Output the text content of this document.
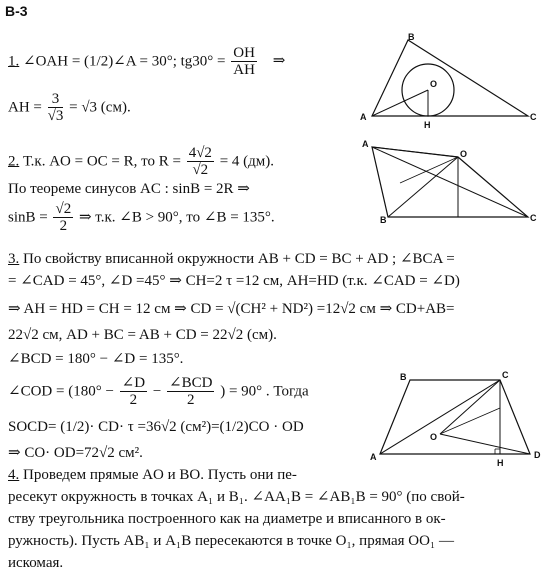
В-3
1. ∠OAH = (1/2)∠A = 30°; $tg30^\circ = \frac{OH}{AH}$ ⇒
AH = $\frac{3}{√3} = √3$ (см).
B
A	C
O
H
2. Т.к. AO = OC = R, то $R = \frac{4√2}{√2} = 4$ (дм).
По теореме синусов AC : sinB = 2R ⇒
$\sin B = \frac{√2}{2}$ ⇒ т.к. ∠B > 90°, то ∠B = 135°.
A
O
B	C
3. По свойству вписанной окружности AB + CD = BC + AD ; ∠BCA =
= ∠CAD = 45°, ∠D =45° ⇒ CH=2 τ =12 см, AH=HD (т.к. ∠CAD = ∠D)
⇒ AH = HD = CH = 12 см ⇒ CD = √(CH² + ND²) =12√2 см ⇒ CD+AB=
22√2 см, AD + BC = AB + CD = 22√2 (см).
∠BCD = 180° − ∠D = 135°.
∠COD = ($180^\circ - \frac{\angle D}{2} - \frac{\text{∠BCD}}{2}$ ) = 90° . Тогда
SOCD= (1/2)· CD· τ =36√2 (см²)=(1/2)CO · OD
⇒ CO· OD=72√2 см².
B	C
A
O
H
D
4. Проведем прямые AO и BO. Пусть они пе-
ресекут окружность в точках A₁ и B₁. ∠AA₁B = ∠AB₁B = 90° (по свой-
ству треугольника построенного как на диаметре и вписанного в ок-
ружность). Пусть AB₁ и A₁B пересекаются в точке O₁, прямая OO₁ —
искомая.
